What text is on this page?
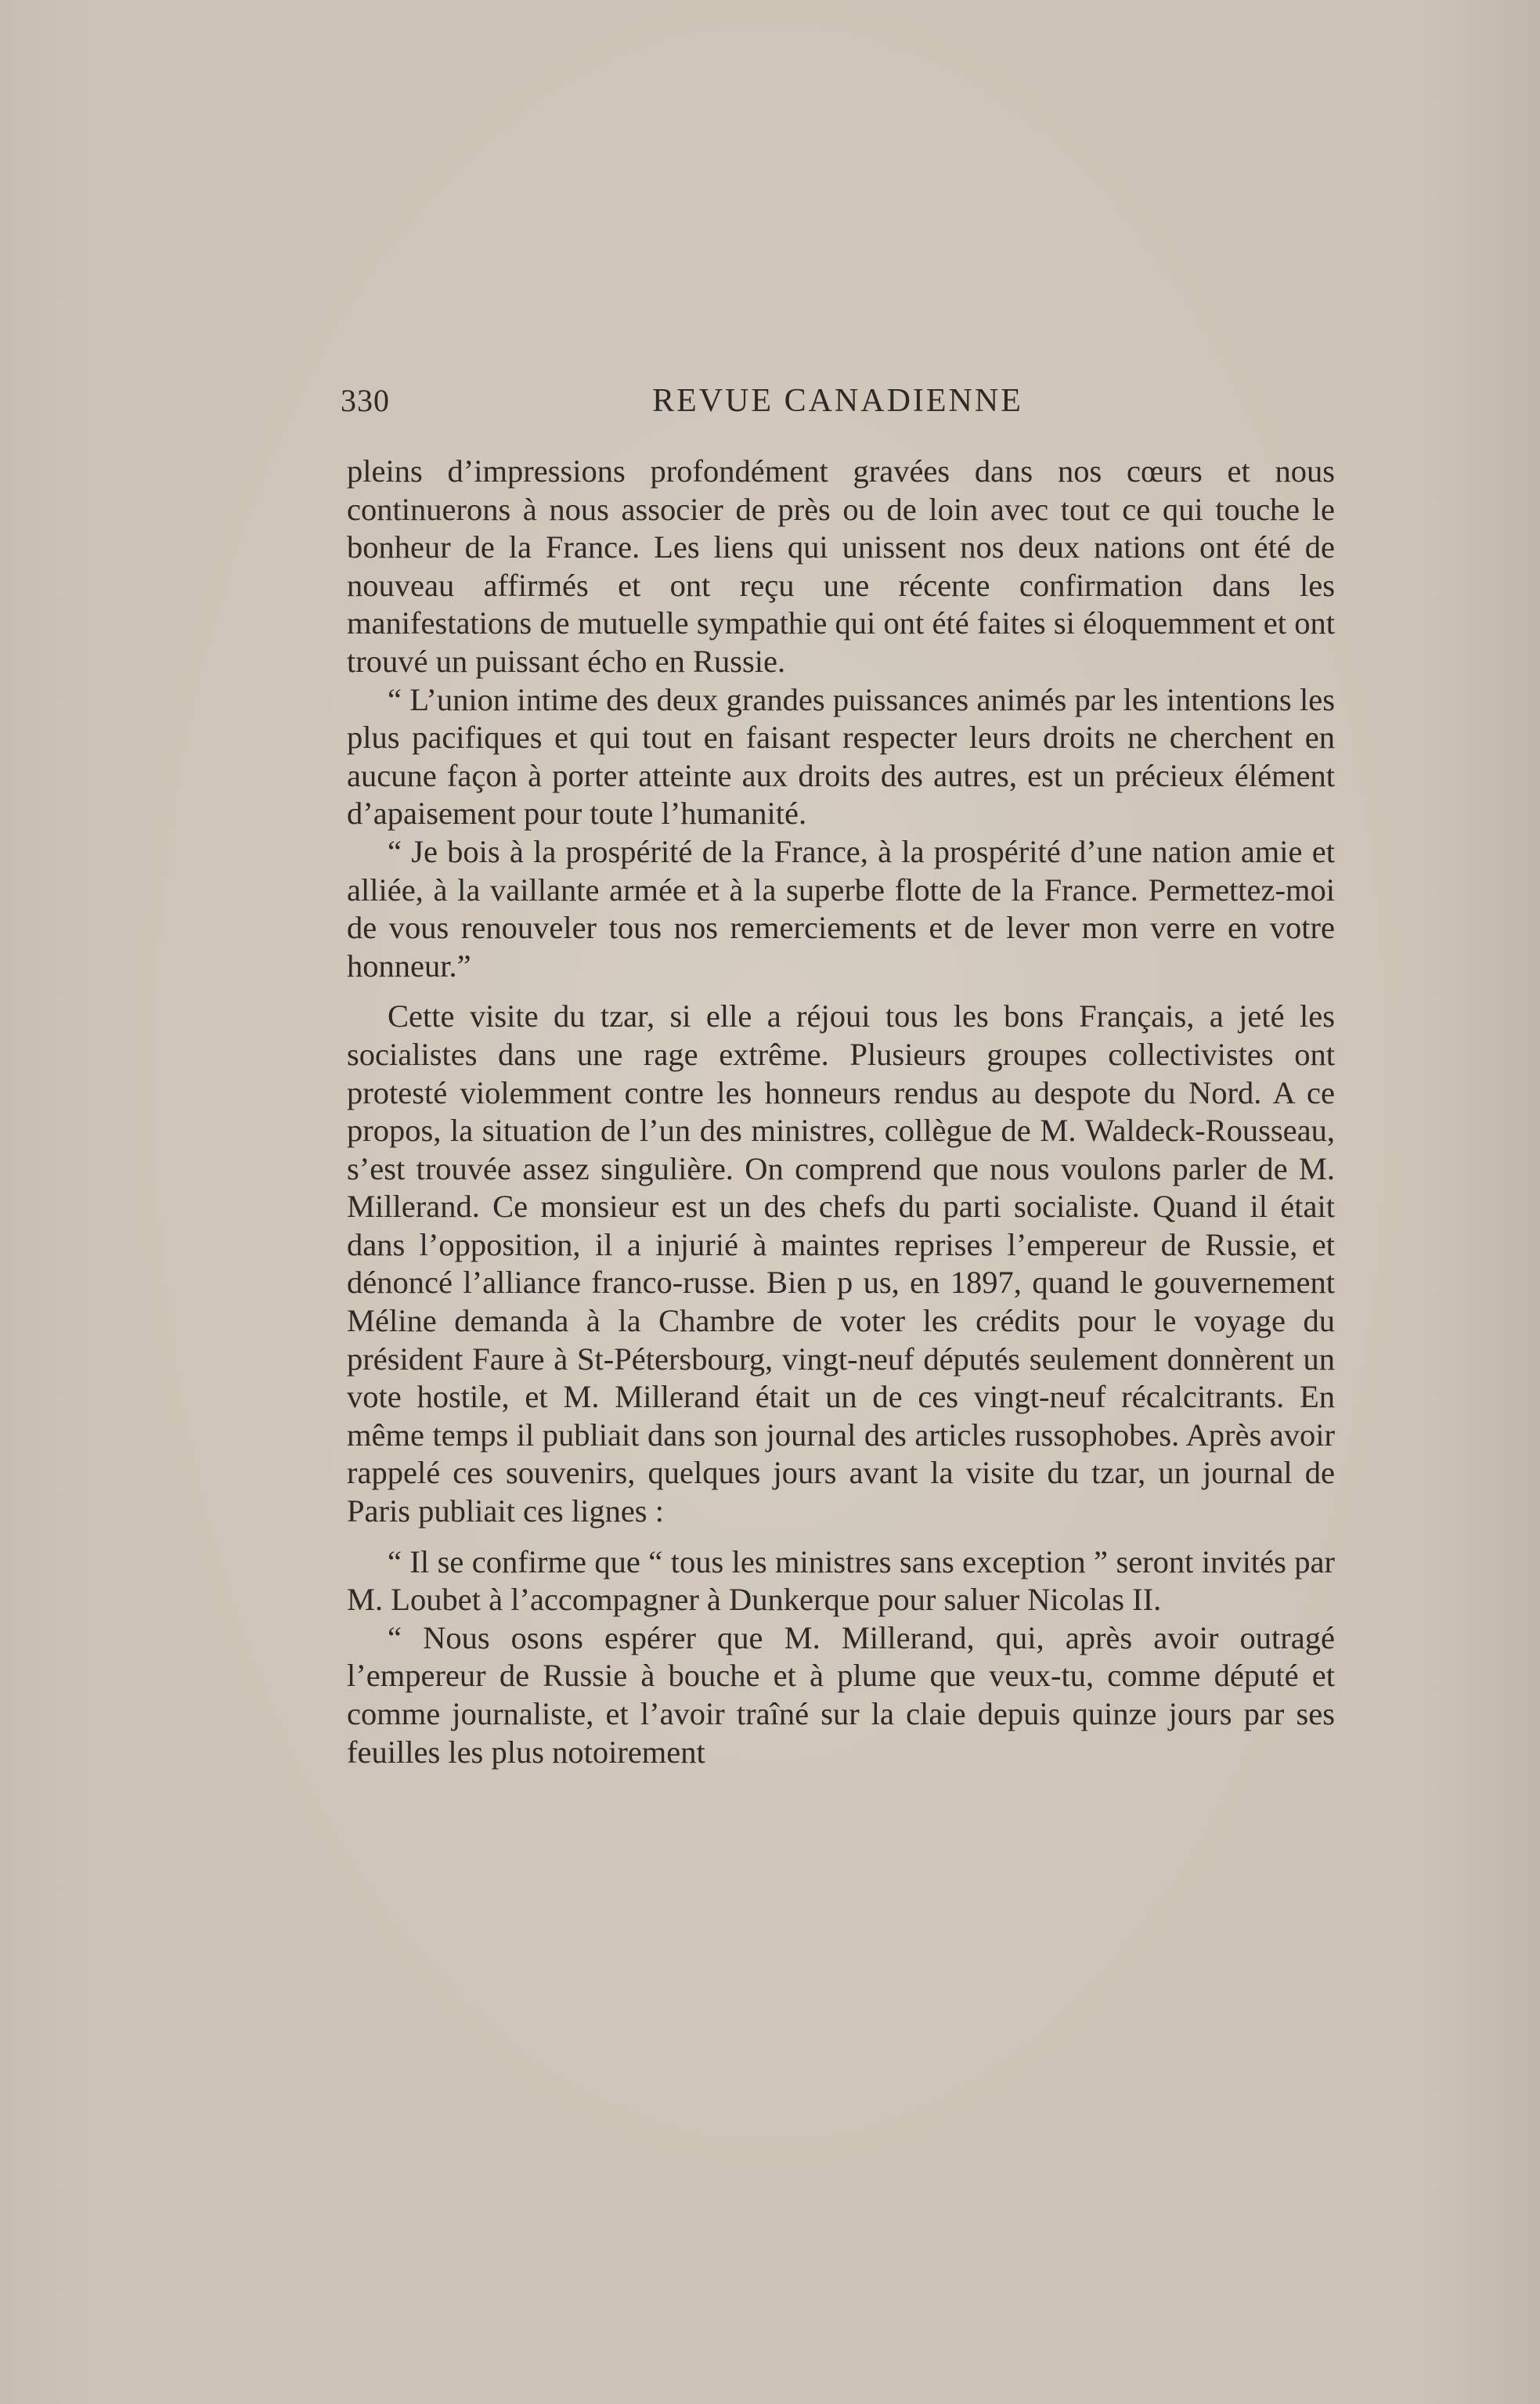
330	REVUE CANADIENNE

pleins d’impressions profondément gravées dans nos cœurs et nous continuerons à nous associer de près ou de loin avec tout ce qui touche le bonheur de la France. Les liens qui unissent nos deux nations ont été de nouveau affirmés et ont reçu une récente confirmation dans les manifestations de mutuelle sympathie qui ont été faites si éloquemment et ont trouvé un puissant écho en Russie.

“ L’union intime des deux grandes puissances animés par les intentions les plus pacifiques et qui tout en faisant respecter leurs droits ne cherchent en aucune façon à porter atteinte aux droits des autres, est un précieux élément d’apaisement pour toute l’humanité.

“ Je bois à la prospérité de la France, à la prospérité d’une nation amie et alliée, à la vaillante armée et à la superbe flotte de la France. Permettez-moi de vous renouveler tous nos remerciements et de lever mon verre en votre honneur.”

Cette visite du tzar, si elle a réjoui tous les bons Français, a jeté les socialistes dans une rage extrême. Plusieurs groupes collectivistes ont protesté violemment contre les honneurs rendus au despote du Nord. A ce propos, la situation de l’un des ministres, collègue de M. Waldeck-Rousseau, s’est trouvée assez singulière. On comprend que nous voulons parler de M. Millerand. Ce monsieur est un des chefs du parti socialiste. Quand il était dans l’opposition, il a injurié à maintes reprises l’empereur de Russie, et dénoncé l’alliance franco-russe. Bien p us, en 1897, quand le gouvernement Méline demanda à la Chambre de voter les crédits pour le voyage du président Faure à St-Pétersbourg, vingt-neuf députés seulement donnèrent un vote hostile, et M. Millerand était un de ces vingt-neuf récalcitrants. En même temps il publiait dans son journal des articles russophobes. Après avoir rappelé ces souvenirs, quelques jours avant la visite du tzar, un journal de Paris publiait ces lignes :

“ Il se confirme que “ tous les ministres sans exception ” seront invités par M. Loubet à l’accompagner à Dunkerque pour saluer Nicolas II.

“ Nous osons espérer que M. Millerand, qui, après avoir outragé l’empereur de Russie à bouche et à plume que veux-tu, comme député et comme journaliste, et l’avoir traîné sur la claie depuis quinze jours par ses feuilles les plus notoirement
